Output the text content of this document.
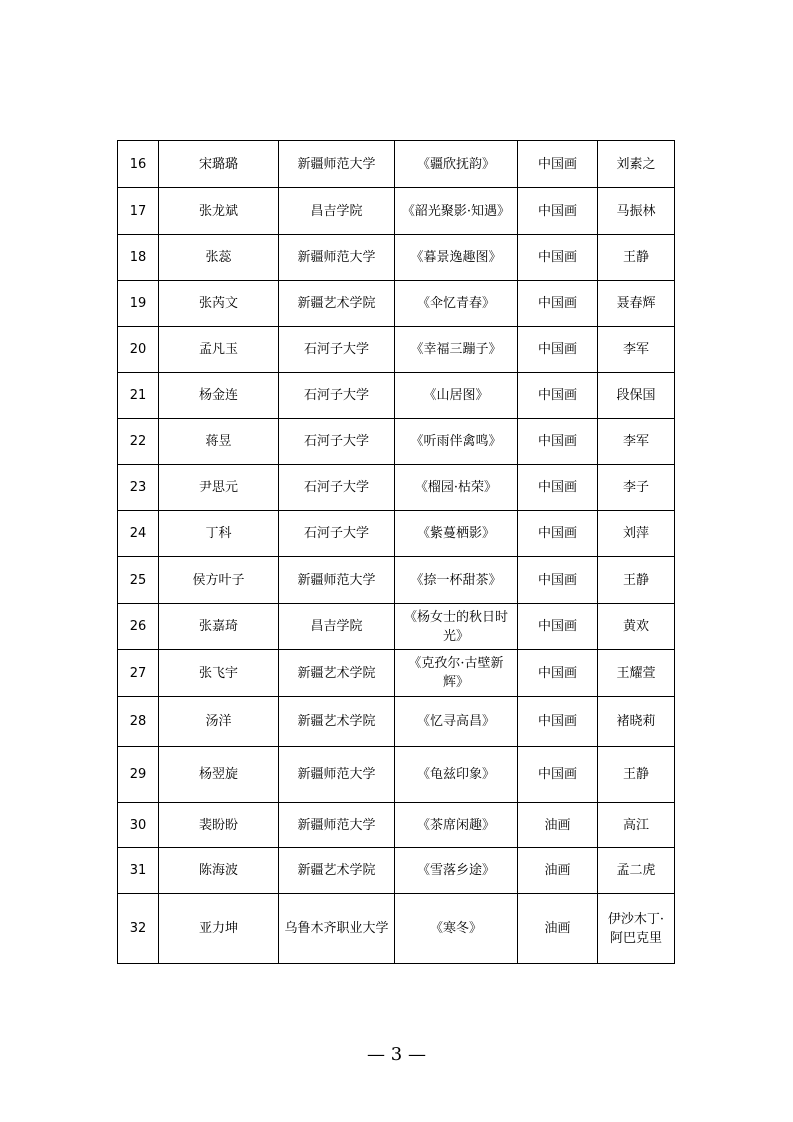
16	宋璐璐	新疆师范大学	《疆欣抚韵》	中国画	刘素之
17	张龙斌	昌吉学院	《韶光聚影·知遇》	中国画	马振林
18	张蕊	新疆师范大学	《暮景逸趣图》	中国画	王静
19	张芮文	新疆艺术学院	《伞忆青春》	中国画	聂春辉
20	孟凡玉	石河子大学	《幸福三蹦子》	中国画	李军
21	杨金连	石河子大学	《山居图》	中国画	段保国
22	蒋昱	石河子大学	《听雨伴禽鸣》	中国画	李军
23	尹思元	石河子大学	《榴园·枯荣》	中国画	李子
24	丁科	石河子大学	《紫蔓栖影》	中国画	刘萍
25	侯方叶子	新疆师范大学	《捺一杯甜茶》	中国画	王静
26	张嘉琦	昌吉学院	《杨女士的秋日时光》	中国画	黄欢
27	张飞宇	新疆艺术学院	《克孜尔·古壁新辉》	中国画	王耀萱
28	汤洋	新疆艺术学院	《忆寻高昌》	中国画	褚晓莉
29	杨翌旋	新疆师范大学	《龟兹印象》	中国画	王静
30	裴盼盼	新疆师范大学	《茶席闲趣》	油画	高江
31	陈海波	新疆艺术学院	《雪落乡途》	油画	孟二虎
32	亚力坤	乌鲁木齐职业大学	《寒冬》	油画	伊沙木丁·阿巴克里
— 3 —
